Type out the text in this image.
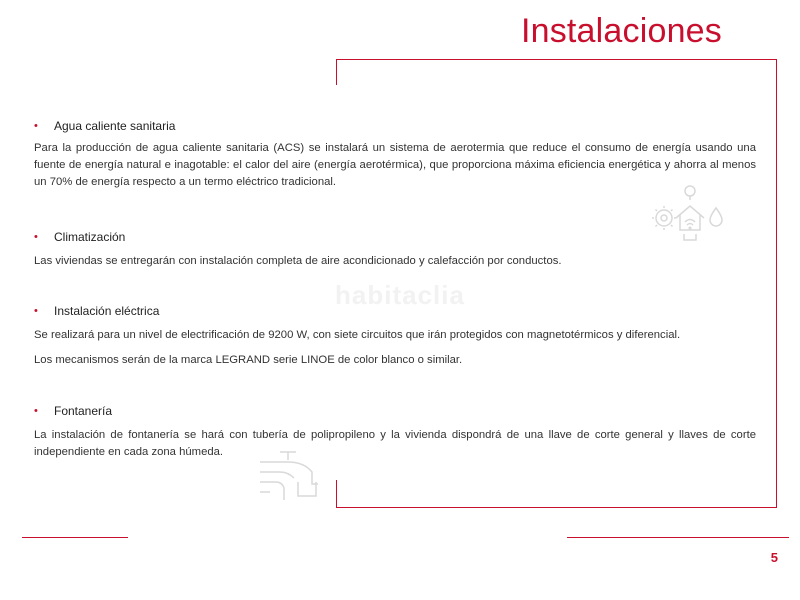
Instalaciones
habitaclia
•	Agua caliente sanitaria

Para la producción de agua caliente sanitaria (ACS) se instalará un sistema de aerotermia que reduce el consumo de energía usando una fuente de energía natural e inagotable: el calor del aire (energía aerotérmica), que proporciona máxima eficiencia energética y ahorra al menos un 70% de energía respecto a un termo eléctrico tradicional.

•	Climatización

Las viviendas se entregarán con instalación completa de aire acondicionado y calefacción por conductos.

•	Instalación eléctrica

Se realizará para un nivel de electrificación de 9200 W, con siete circuitos que irán protegidos con magnetotérmicos y diferencial.

Los mecanismos serán de la marca LEGRAND serie LINOE de color blanco o similar.

•	Fontanería

La instalación de fontanería se hará con tubería de polipropileno y la vivienda dispondrá de una llave de corte general y llaves de corte independiente en cada zona húmeda.

5
